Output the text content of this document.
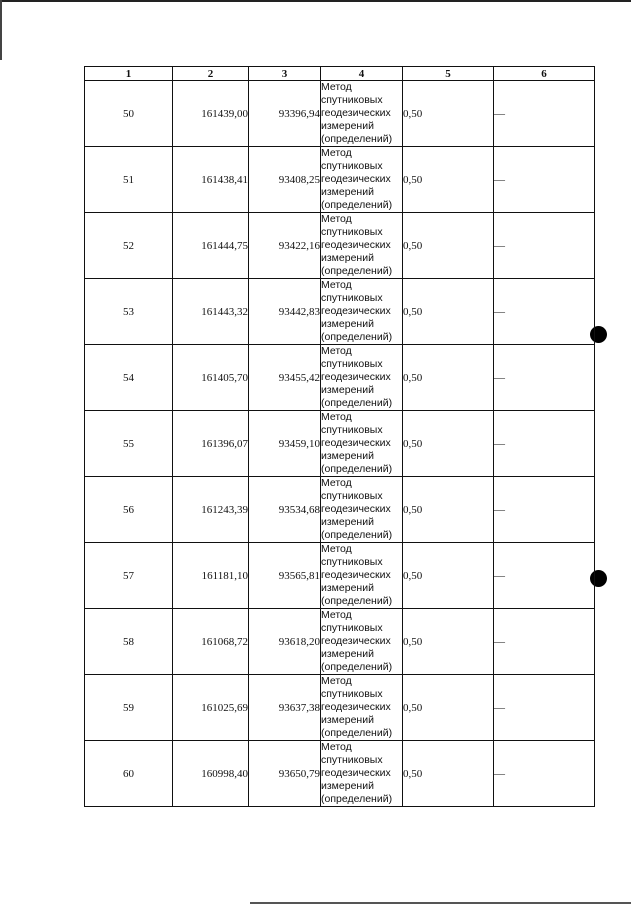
1	2	3	4	5	6
50	161439,00	93396,94	Метод
спутниковых
геодезических
измерений
(определений)	0,50	—
51	161438,41	93408,25	Метод
спутниковых
геодезических
измерений
(определений)	0,50	—
52	161444,75	93422,16	Метод
спутниковых
геодезических
измерений
(определений)	0,50	—
53	161443,32	93442,83	Метод
спутниковых
геодезических
измерений
(определений)	0,50	—
54	161405,70	93455,42	Метод
спутниковых
геодезических
измерений
(определений)	0,50	—
55	161396,07	93459,10	Метод
спутниковых
геодезических
измерений
(определений)	0,50	—
56	161243,39	93534,68	Метод
спутниковых
геодезических
измерений
(определений)	0,50	—
57	161181,10	93565,81	Метод
спутниковых
геодезических
измерений
(определений)	0,50	—
58	161068,72	93618,20	Метод
спутниковых
геодезических
измерений
(определений)	0,50	—
59	161025,69	93637,38	Метод
спутниковых
геодезических
измерений
(определений)	0,50	—
60	160998,40	93650,79	Метод
спутниковых
геодезических
измерений
(определений)	0,50	—
